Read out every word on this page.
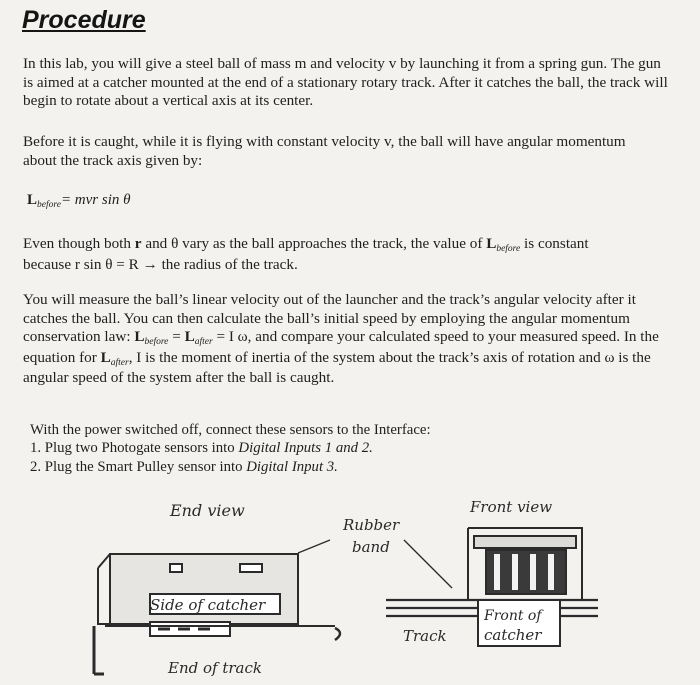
Procedure
In this lab, you will give a steel ball of mass m and velocity v by launching it from a spring gun. The gun is aimed at a catcher mounted at the end of a stationary rotary track. After it catches the ball, the track will begin to rotate about a vertical axis at its center.
Before it is caught, while it is flying with constant velocity v, the ball will have angular momentum about the track axis given by:
$L_{before}=$ mvr sin θ
Even though both r and θ vary as the ball approaches the track, the value of Lbefore is constant
because r sin θ = R → the radius of the track.
You will measure the ball’s linear velocity out of the launcher and the track’s angular velocity after it catches the ball. You can then calculate the ball’s initial speed by employing the angular momentum conservation law: Lbefore = Lafter = I ω, and compare your calculated speed to your measured speed. In the equation for Lafter, I is the moment of inertia of the system about the track’s axis of rotation and ω is the angular speed of the system after the ball is caught.
With the power switched off, connect these sensors to the Interface:
1. Plug two Photogate sensors into Digital Inputs 1 and 2.
2. Plug the Smart Pulley sensor into Digital Input 3.
End view	Front view
Rubber
band
Side of catcher
Track
Front of
catcher
End of track
